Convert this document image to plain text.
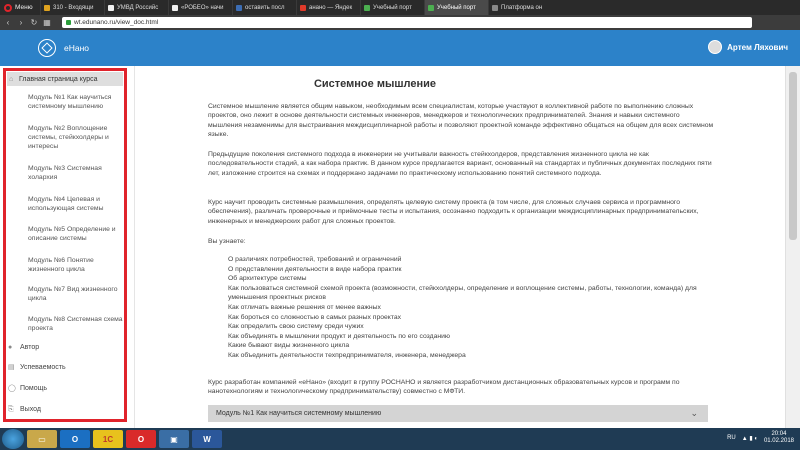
Меню	310 - Входящи	УМВД Российс	«РОБЕО» начи	оставить посл	анано — Яндек	Учебный порт	Учебный порт	Платформа он
‹	›	↻ ▦	wt.edunano.ru/view_doc.html
еНано	Артем Ляхович
⌂ Главная страница курса
Модуль №1 Как научиться системному мышлению
Модуль №2 Воплощение системы, стейкхолдеры и интересы
Модуль №3 Системная холархия
Модуль №4 Целевая и использующая системы
Модуль №5 Определение и описание системы
Модуль №6 Понятие жизненного цикла
Модуль №7 Вид жизненного цикла
Модуль №8 Системная схема проекта
●	Автор
▤ Успеваемость
◯ Помощь
⎘ Выход
Системное мышление

Системное мышление является общим навыком, необходимым всем специалистам, которые участвуют в коллективной работе по выполнению сложных проектов, оно лежит в основе деятельности системных инженеров, менеджеров и технологических предпринимателей. Знания и навыки системного мышления незаменимы для выстраивания междисциплинарной работы и позволяют проектной команде эффективно общаться на общем для всех системном языке.

Предыдущие поколения системного подхода в инженерии не учитывали важность стейкхолдеров, представления жизненного цикла не как последовательности стадий, а как набора практик. В данном курсе предлагается вариант, основанный на стандартах и публичных документах последних пяти лет, изложение строится на схемах и поддержано задачами по практическому использованию понятий системного подхода.

Курс научит проводить системные размышления, определять целевую систему проекта (в том числе, для сложных случаев сервиса и программного обеспечения), различать проверочные и приёмочные тесты и испытания, осознанно подходить к организации междисциплинарных предпринимательских, инженерных и менеджерских работ для сложных проектов.

Вы узнаете:

О различиях потребностей, требований и ограничений
О представлении деятельности в виде набора практик
Об архитектуре системы
Как пользоваться системной схемой проекта (возможности, стейкхолдеры, определение и воплощение системы, работы, технологии, команда) для уменьшения проектных рисков
Как отличать важные решения от менее важных
Как бороться со сложностью в самых разных проектах
Как определить свою систему среди чужих
Как объединять в мышлении продукт и деятельность по его созданию
Какие бывают виды жизненного цикла
Как объединить деятельности техпредпринимателя, инженера, менеджера

Курс разработан компанией «еНано» (входит в группу РОСНАНО и является разработчиком дистанционных образовательных курсов и программ по нанотехнологиям и технологическому предпринимательству) совместно с МФТИ.

Модуль №1 Как научиться системному мышлению	⌄
▭	O	1С	O	▣	W	RU ▲ ▮ ◐
20:04
01.02.2018
